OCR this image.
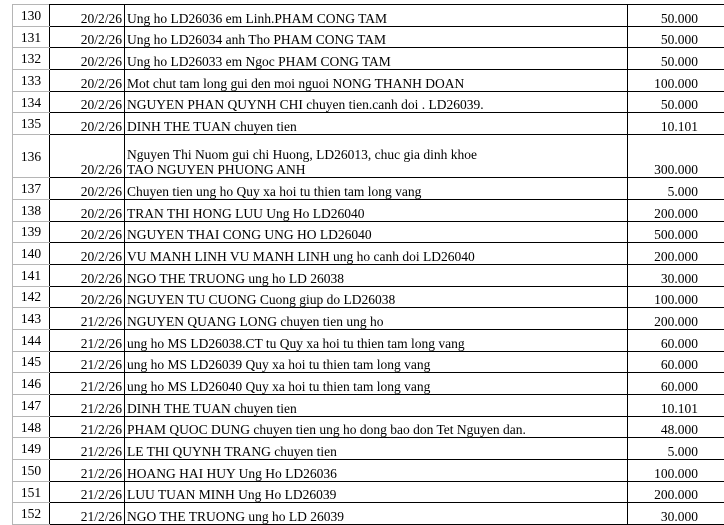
130	20/2/26	Ung ho LD26036 em Linh.PHAM CONG TAM	50.000
131	20/2/26	Ung ho LD26034 anh Tho PHAM CONG TAM	50.000
132	20/2/26	Ung ho LD26033 em Ngoc PHAM CONG TAM	50.000
133	20/2/26	Mot chut tam long gui den moi nguoi NONG THANH DOAN	100.000
134	20/2/26	NGUYEN PHAN QUYNH CHI chuyen tien.canh doi . LD26039.	50.000
135	20/2/26	DINH THE TUAN chuyen tien	10.101
136	20/2/26	Nguyen Thi Nuom gui chi Huong, LD26013, chuc gia dinh khoe
TAO NGUYEN PHUONG ANH	300.000
137	20/2/26	Chuyen tien ung ho Quy xa hoi tu thien tam long vang	5.000
138	20/2/26	TRAN THI HONG LUU Ung Ho LD26040	200.000
139	20/2/26	NGUYEN THAI CONG UNG HO LD26040	500.000
140	20/2/26	VU MANH LINH VU MANH LINH ung ho canh doi LD26040	200.000
141	20/2/26	NGO THE TRUONG ung ho LD 26038	30.000
142	20/2/26	NGUYEN TU CUONG Cuong giup do LD26038	100.000
143	21/2/26	NGUYEN QUANG LONG chuyen tien ung ho	200.000
144	21/2/26	ung ho MS LD26038.CT tu Quy xa hoi tu thien tam long vang	60.000
145	21/2/26	ung ho MS LD26039 Quy xa hoi tu thien tam long vang	60.000
146	21/2/26	ung ho MS LD26040 Quy xa hoi tu thien tam long vang	60.000
147	21/2/26	DINH THE TUAN chuyen tien	10.101
148	21/2/26	PHAM QUOC DUNG chuyen tien ung ho dong bao don Tet Nguyen dan.	48.000
149	21/2/26	LE THI QUYNH TRANG chuyen tien	5.000
150	21/2/26	HOANG HAI HUY Ung Ho LD26036	100.000
151	21/2/26	LUU TUAN MINH Ung Ho LD26039	200.000
152	21/2/26	NGO THE TRUONG ung ho LD 26039	30.000
